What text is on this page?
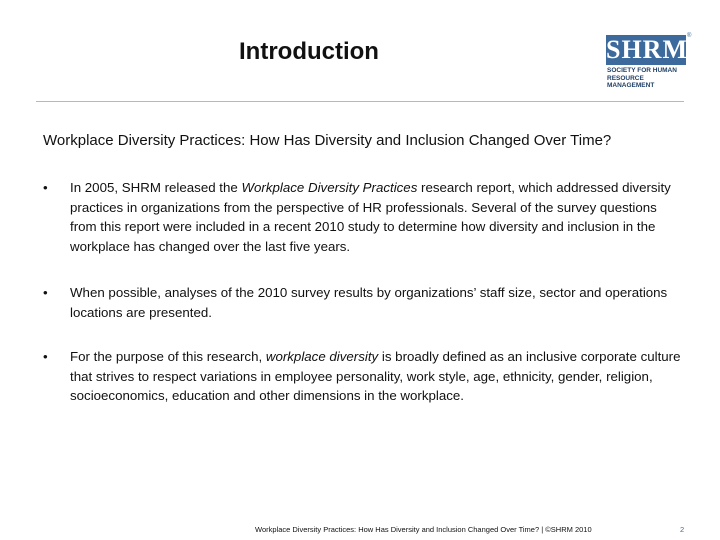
Introduction	SHRM ®
SOCIETY FOR HUMAN
RESOURCE MANAGEMENT
Workplace Diversity Practices: How Has Diversity and Inclusion Changed Over Time?
• In 2005, SHRM released the Workplace Diversity Practices research report, which addressed diversity practices in organizations from the perspective of HR professionals. Several of the survey questions from this report were included in a recent 2010 study to determine how diversity and inclusion in the workplace has changed over the last five years.
• When possible, analyses of the 2010 survey results by organizations’ staff size, sector and operations locations are presented.
• For the purpose of this research, workplace diversity is broadly defined as an inclusive corporate culture that strives to respect variations in employee personality, work style, age, ethnicity, gender, religion, socioeconomics, education and other dimensions in the workplace.
Workplace Diversity Practices: How Has Diversity and Inclusion Changed Over Time? | ©SHRM 2010	2
